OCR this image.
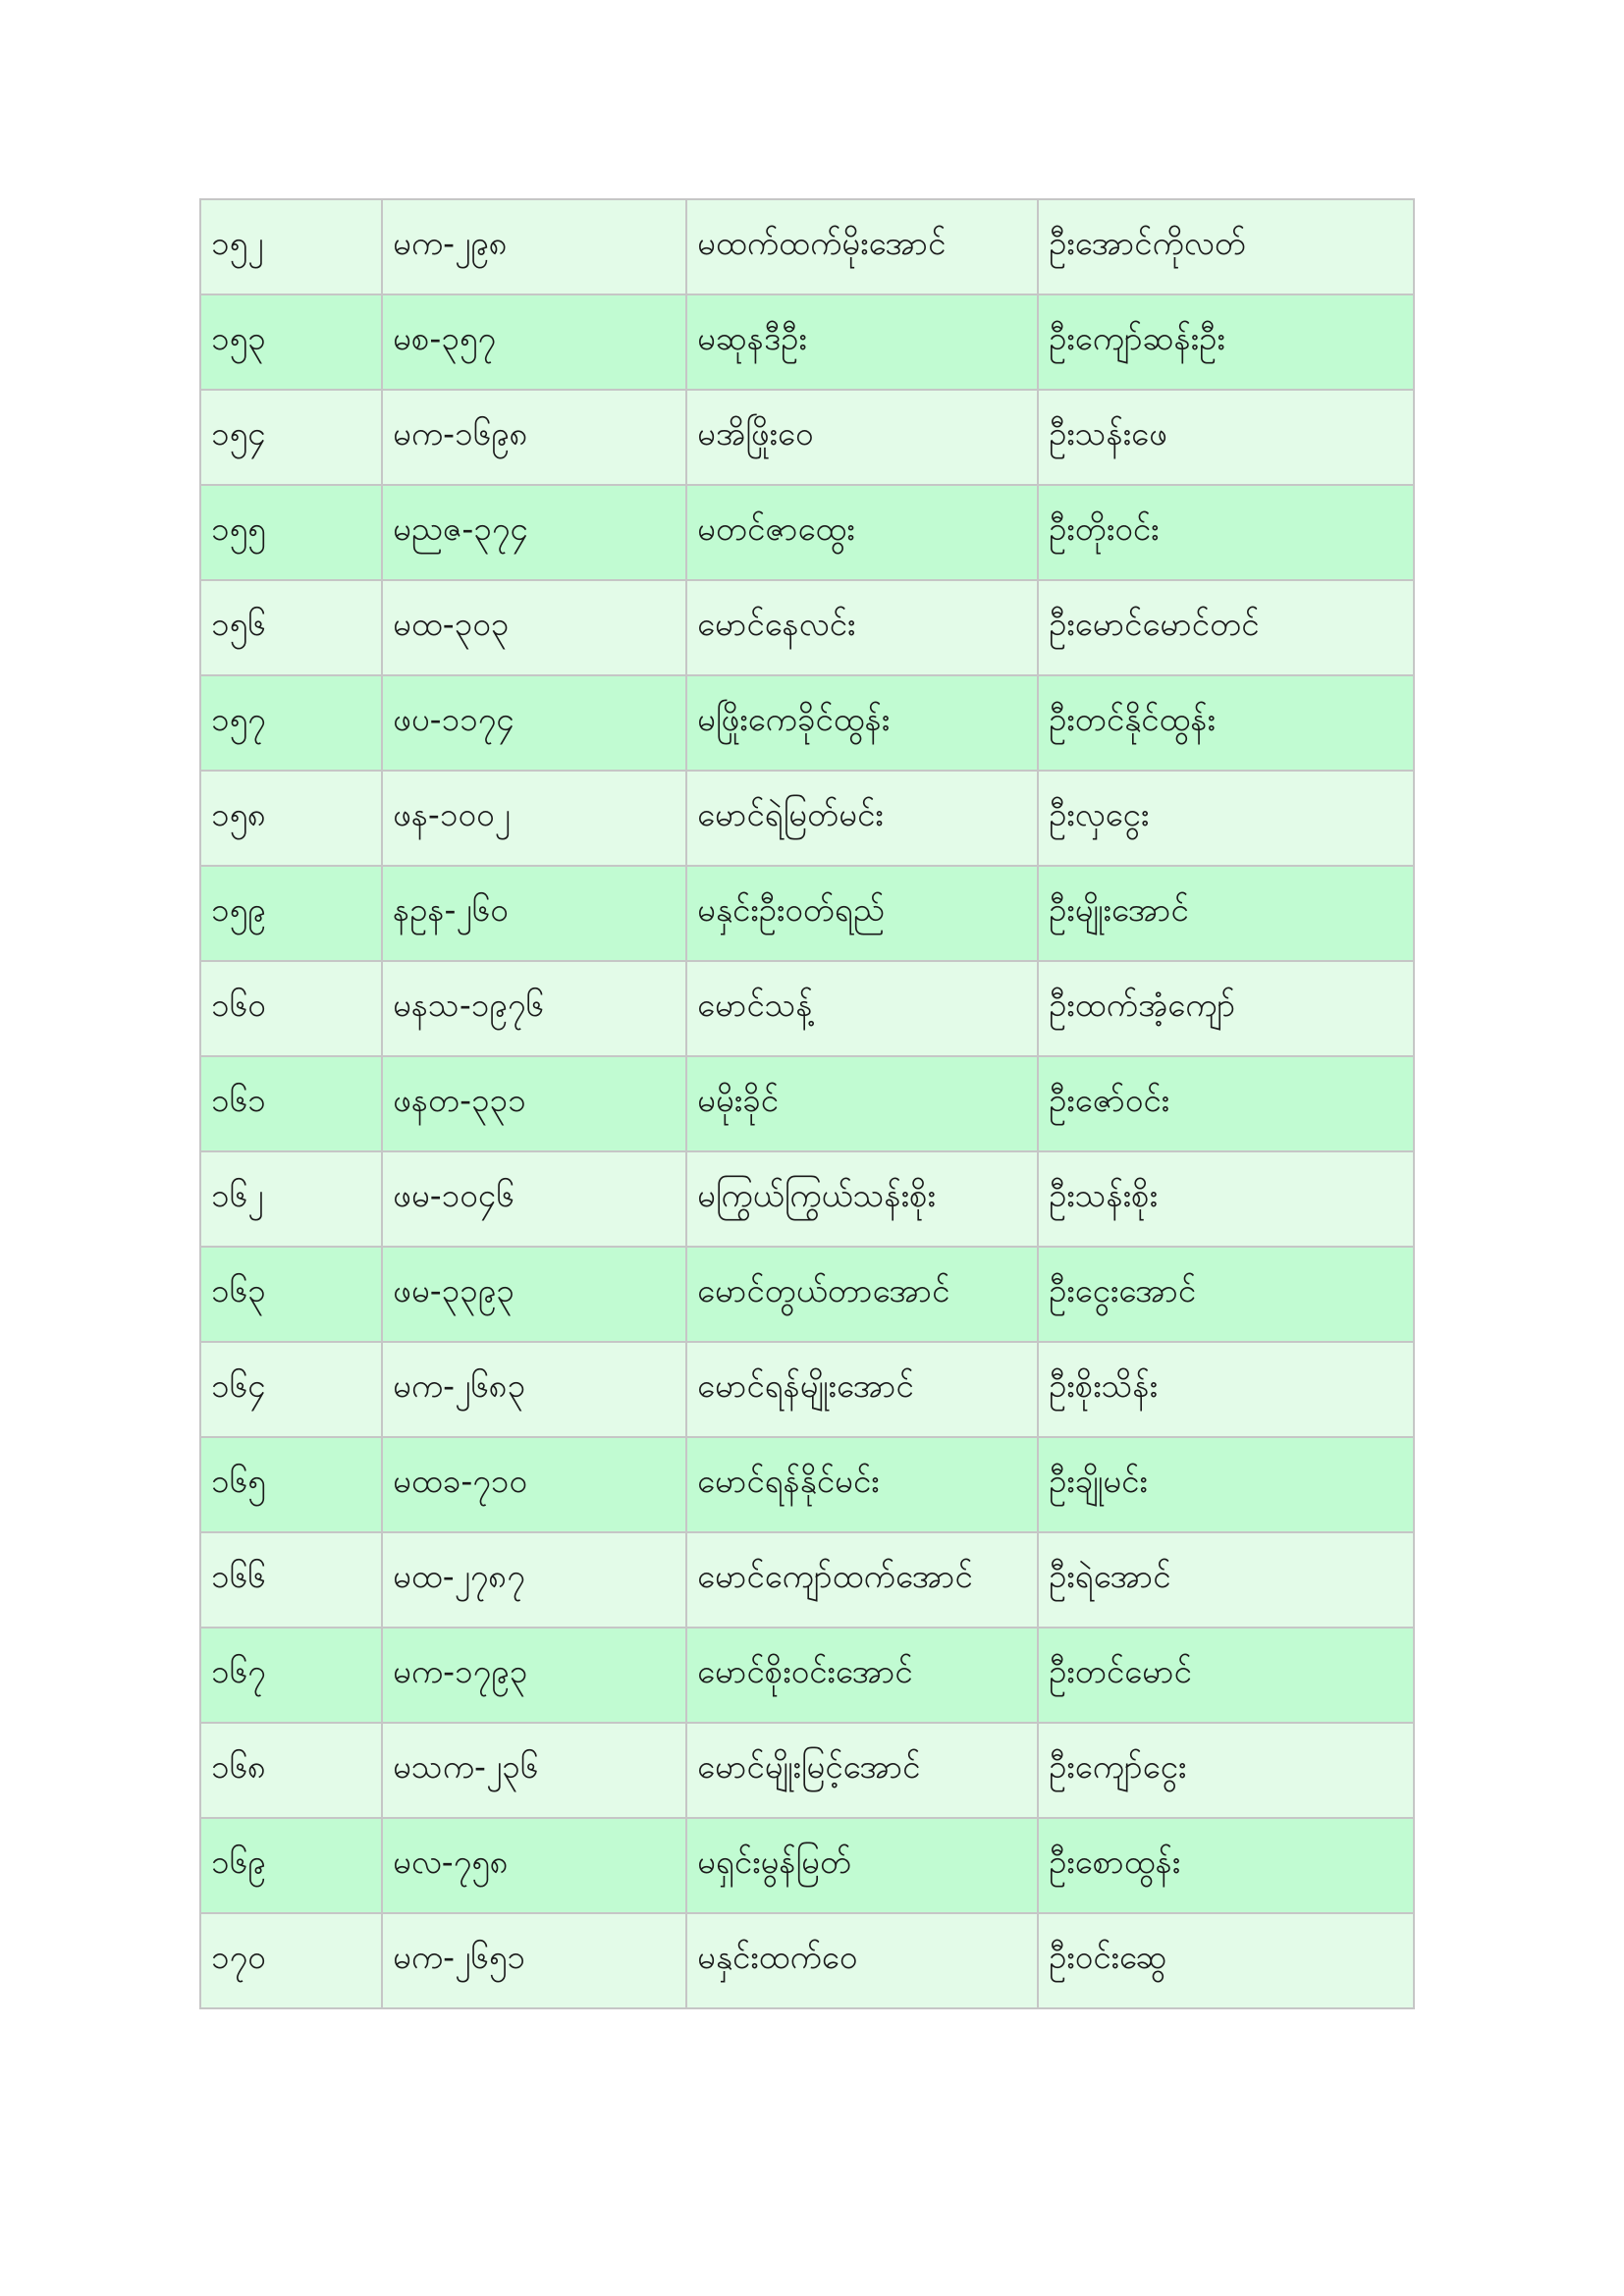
၁၅၂	မက-၂၉၈	မထက်ထက်မိုးအောင်	ဦးအောင်ကိုလတ်
၁၅၃	မစ-၃၅၇	မဆုနဒီဦး	ဦးကျော်ဆန်းဦး
၁၅၄	မက-၁၆၉၈	မအိဖြိုးဝေ	ဦးသန်းဖေ
၁၅၅	မညဇ-၃၇၄	မတင်ဇာထွေး	ဦးတိုးဝင်း
၁၅၆	မထ-၃၀၃	မောင်နေလင်း	ဦးမောင်မောင်တင်
၁၅၇	ဖပ-၁၁၇၄	မဖြိုးကေခိုင်ထွန်း	ဦးတင်နိုင်ထွန်း
၁၅၈	ဖန-၁၀၀၂	မောင်ရဲမြတ်မင်း	ဦးလှငွေး
၁၅၉	နဥန-၂၆၀	မနှင်းဦးဝတ်ရည်	ဦးမျိုးအောင်
၁၆၀	မနသ-၁၉၇၆	မောင်သန့်	ဦးထက်အံ့ကျော်
၁၆၁	ဖနတ-၃၃၁	မမိုးခိုင်	ဦးဇော်ဝင်း
၁၆၂	ဖမ-၁၀၄၆	မကြွယ်ကြွယ်သန်းစိုး	ဦးသန်းစိုး
၁၆၃	ဖမ-၃၃၉၃	မောင်တွယ်တာအောင်	ဦးငွေးအောင်
၁၆၄	မက-၂၆၈၃	မောင်ရန်မျိုးအောင်	ဦးစိုးသိန်း
၁၆၅	မထခ-၇၁၀	မောင်ရန်နိုင်မင်း	ဦးချိုမင်း
၁၆၆	မထ-၂၇၈၇	မောင်ကျော်ထက်အောင်	ဦးရဲအောင်
၁၆၇	မက-၁၇၉၃	မောင်စိုးဝင်းအောင်	ဦးတင်မောင်
၁၆၈	မသက-၂၃၆	မောင်မျိုးမြင့်အောင်	ဦးကျော်ငွေး
၁၆၉	မလ-၇၅၈	မရှင်းမွန်မြတ်	ဦးစောထွန်း
၁၇၀	မက-၂၆၅၁	မနှင်းထက်ဝေ	ဦးဝင်းဆွေ
